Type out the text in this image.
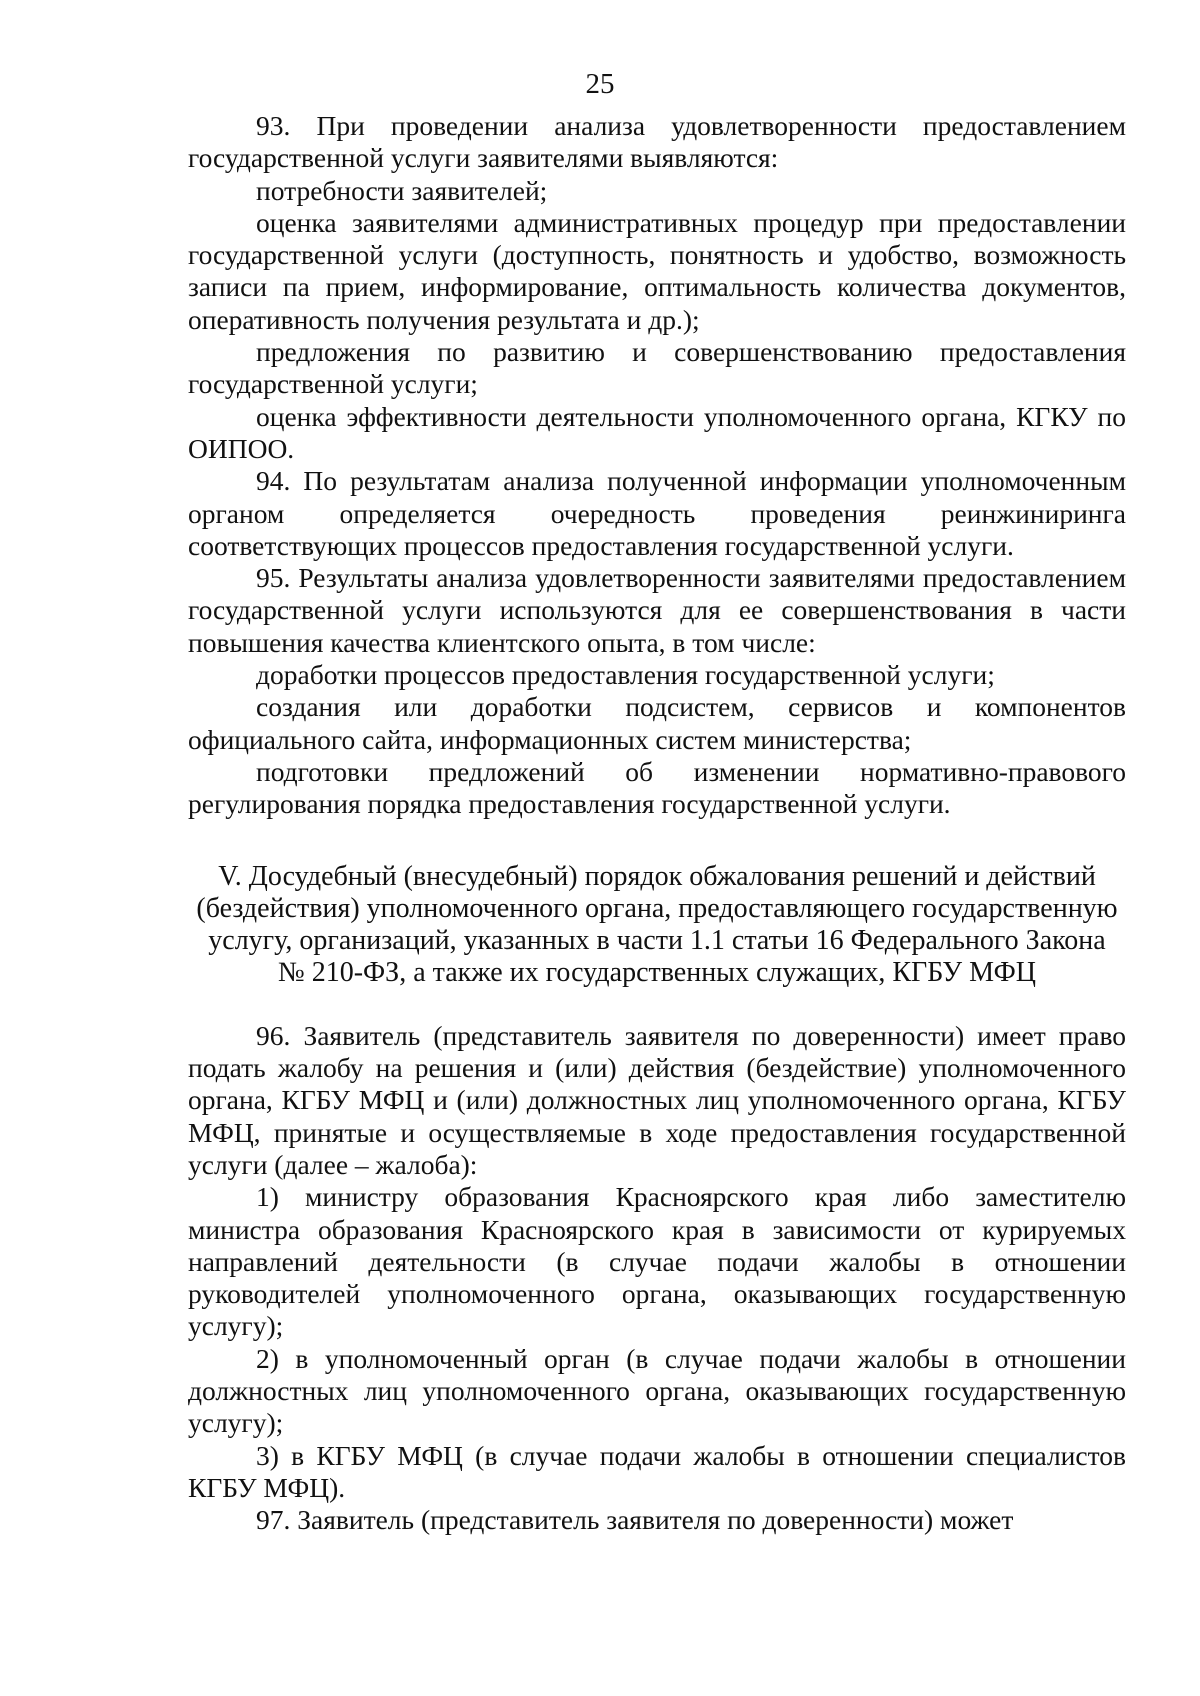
25

93. При проведении анализа удовлетворенности предоставлением государственной услуги заявителями выявляются:

потребности заявителей;

оценка заявителями административных процедур при предоставлении государственной услуги (доступность, понятность и удобство, возможность записи па прием, информирование, оптимальность количества документов, оперативность получения результата и др.);

предложения по развитию и совершенствованию предоставления государственной услуги;

оценка эффективности деятельности уполномоченного органа, КГКУ по ОИПОО.

94. По результатам анализа полученной информации уполномоченным органом определяется очередность проведения реинжиниринга соответствующих процессов предоставления государственной услуги.

95. Результаты анализа удовлетворенности заявителями предоставлением государственной услуги используются для ее совершенствования в части повышения качества клиентского опыта, в том числе:

доработки процессов предоставления государственной услуги;

создания или доработки подсистем, сервисов и компонентов официального сайта, информационных систем министерства;

подготовки предложений об изменении нормативно-правового регулирования порядка предоставления государственной услуги.

V. Досудебный (внесудебный) порядок обжалования решений и действий
(бездействия) уполномоченного органа, предоставляющего государственную
услугу, организаций, указанных в части 1.1 статьи 16 Федерального Закона
№ 210-ФЗ, а также их государственных служащих, КГБУ МФЦ

96. Заявитель (представитель заявителя по доверенности) имеет право подать жалобу на решения и (или) действия (бездействие) уполномоченного органа, КГБУ МФЦ и (или) должностных лиц уполномоченного органа, КГБУ МФЦ, принятые и осуществляемые в ходе предоставления государственной услуги (далее – жалоба):

1) министру образования Красноярского края либо заместителю министра образования Красноярского края в зависимости от курируемых направлений деятельности (в случае подачи жалобы в отношении руководителей уполномоченного органа, оказывающих государственную услугу);

2) в уполномоченный орган (в случае подачи жалобы в отношении должностных лиц уполномоченного органа, оказывающих государственную услугу);

3) в КГБУ МФЦ (в случае подачи жалобы в отношении специалистов КГБУ МФЦ).

97. Заявитель (представитель заявителя по доверенности) может
